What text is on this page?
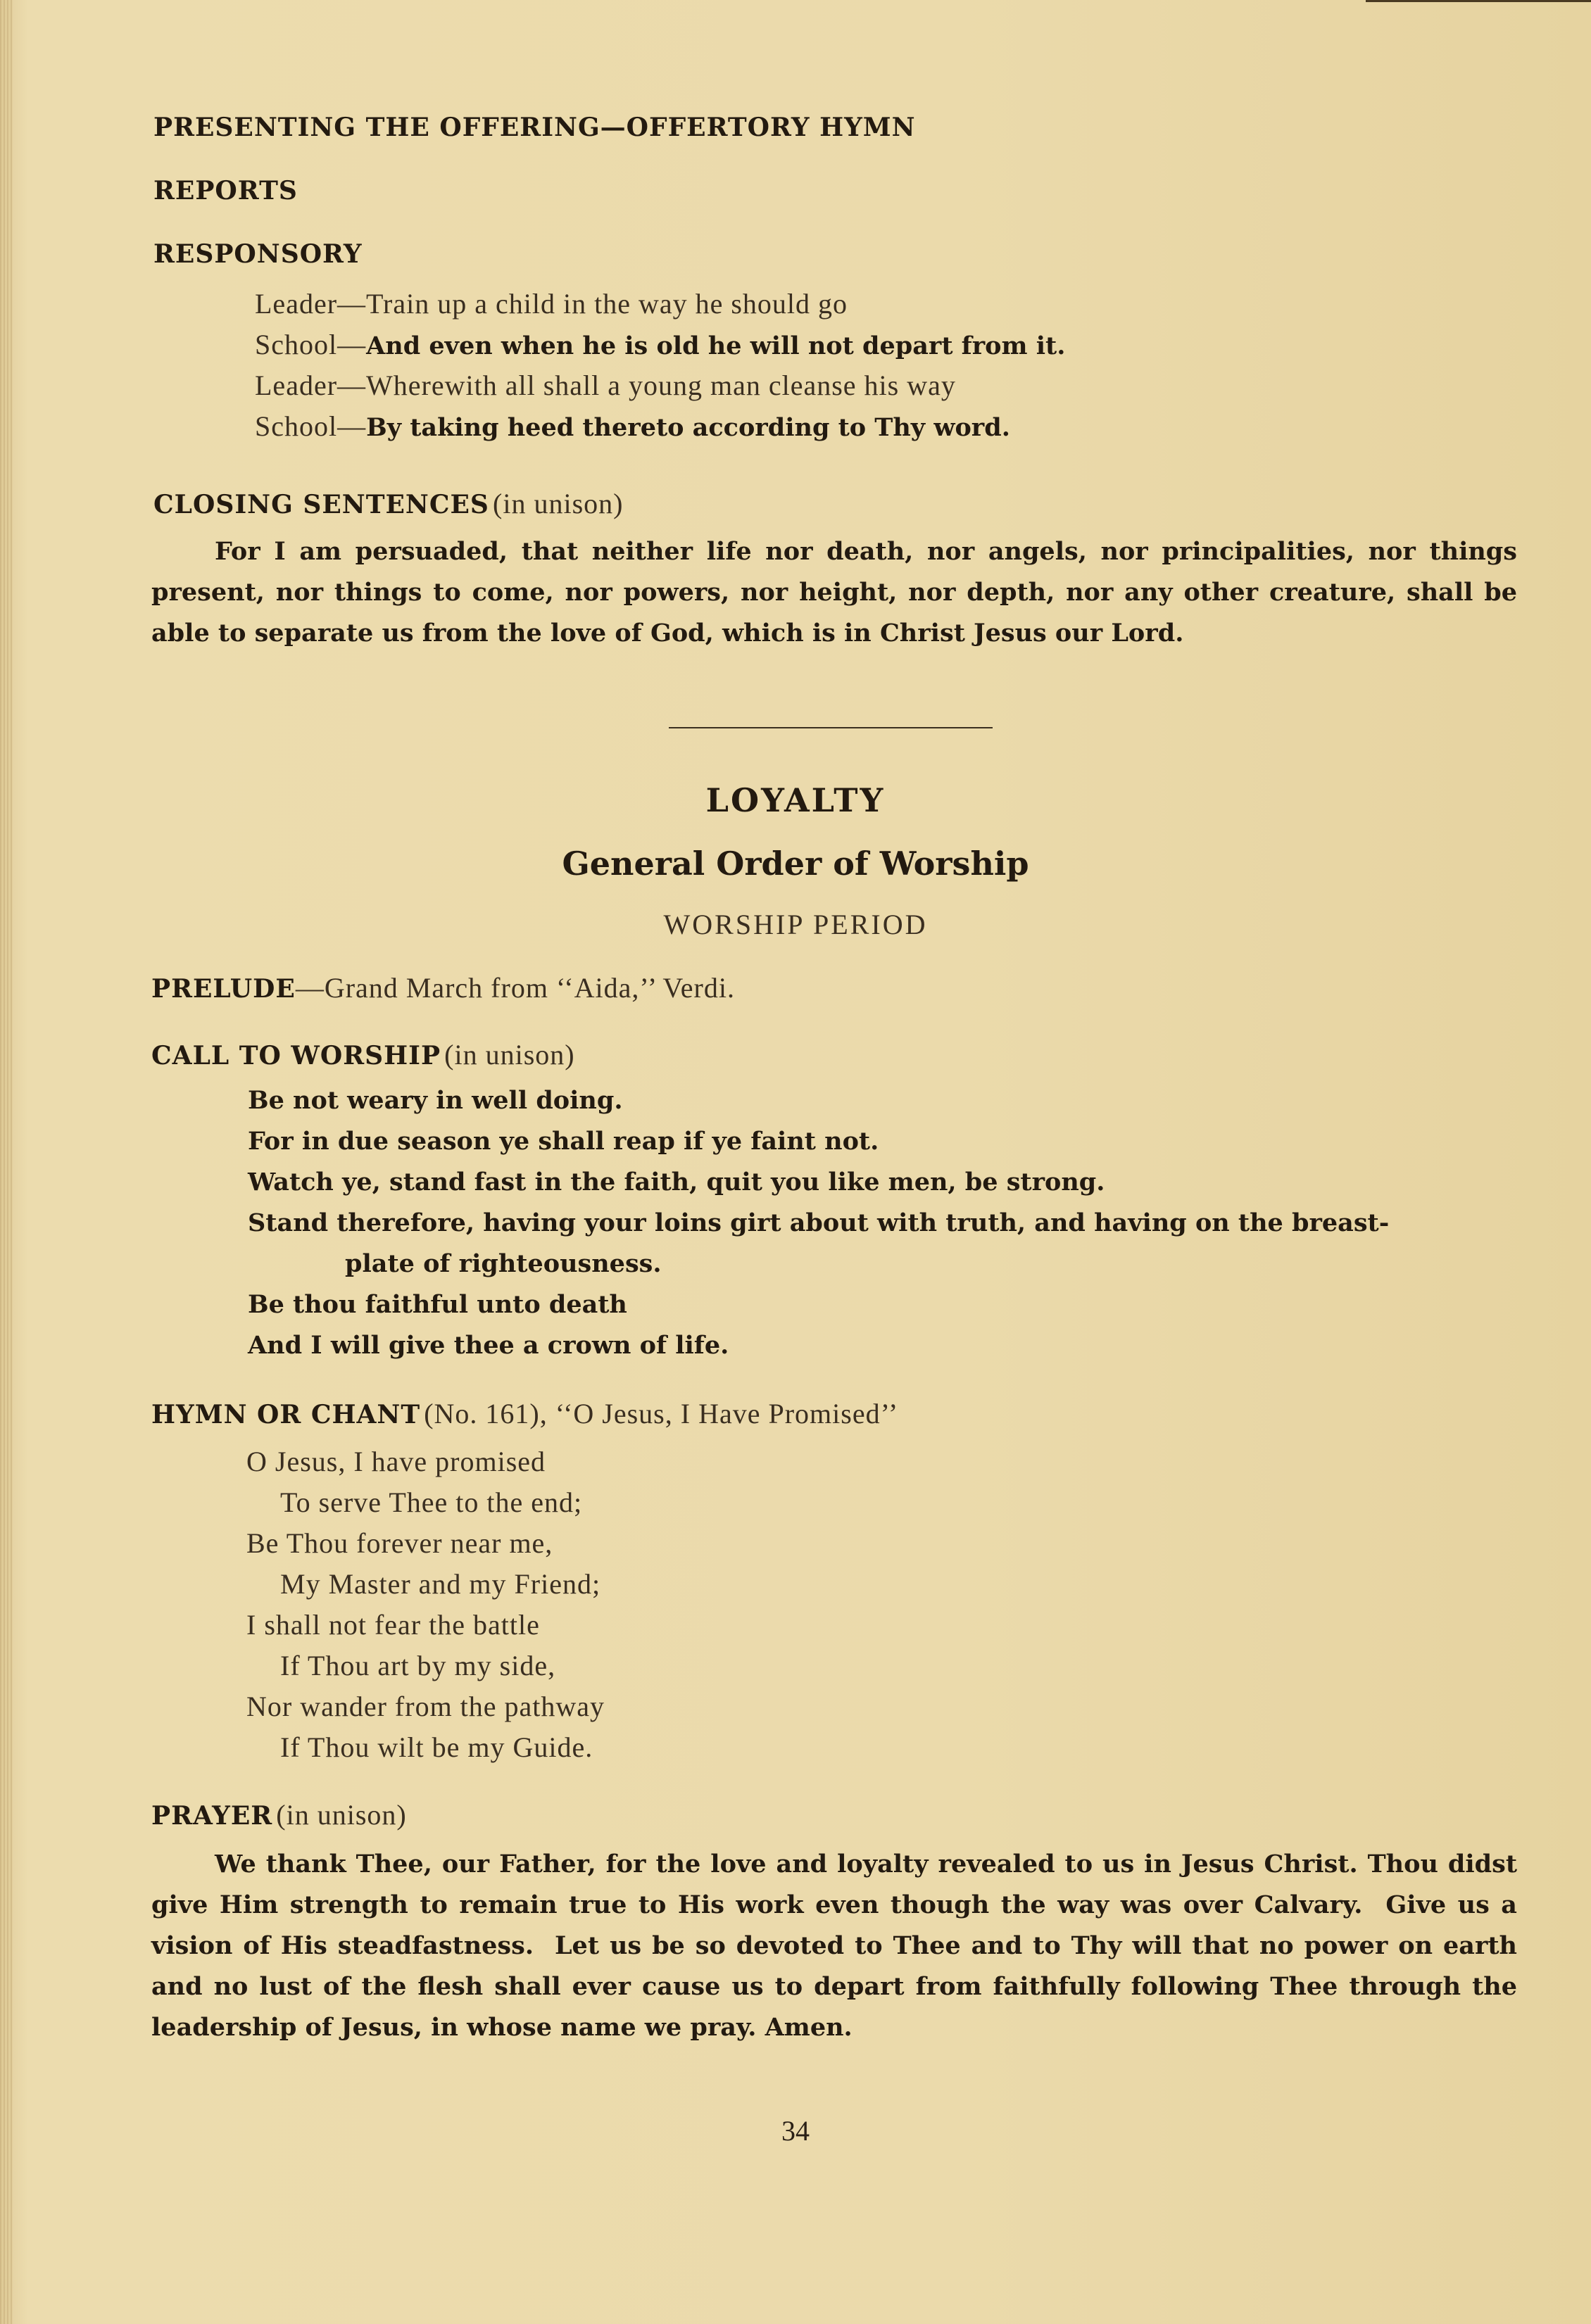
PRESENTING THE OFFERING—OFFERTORY HYMN
REPORTS
RESPONSORY
Leader—Train up a child in the way he should go
School—And even when he is old he will not depart from it.
Leader—Wherewith all shall a young man cleanse his way
School—By taking heed thereto according to Thy word.
CLOSING SENTENCES (in unison)
For I am persuaded, that neither life nor death, nor angels, nor principalities, nor things present, nor things to come, nor powers, nor height, nor depth, nor any other creature, shall be able to separate us from the love of God, which is in Christ Jesus our Lord.
LOYALTY
General Order of Worship
WORSHIP PERIOD
PRELUDE—Grand March from ‘‘Aida,’’ Verdi.
CALL TO WORSHIP (in unison)
Be not weary in well doing.
For in due season ye shall reap if ye faint not.
Watch ye, stand fast in the faith, quit you like men, be strong.
Stand therefore, having your loins girt about with truth, and having on the breast-
plate of righteousness.
Be thou faithful unto death
And I will give thee a crown of life.
HYMN OR CHANT (No. 161), ‘‘O Jesus, I Have Promised’’
O Jesus, I have promised
To serve Thee to the end;
Be Thou forever near me,
My Master and my Friend;
I shall not fear the battle
If Thou art by my side,
Nor wander from the pathway
If Thou wilt be my Guide.
PRAYER (in unison)
We thank Thee, our Father, for the love and loyalty revealed to us in Jesus Christ. Thou didst give Him strength to remain true to His work even though the way was over Calvary.  Give us a vision of His steadfastness.  Let us be so devoted to Thee and to Thy will that no power on earth and no lust of the flesh shall ever cause us to depart from faithfully following Thee through the leadership of Jesus, in whose name we pray. Amen.
34
